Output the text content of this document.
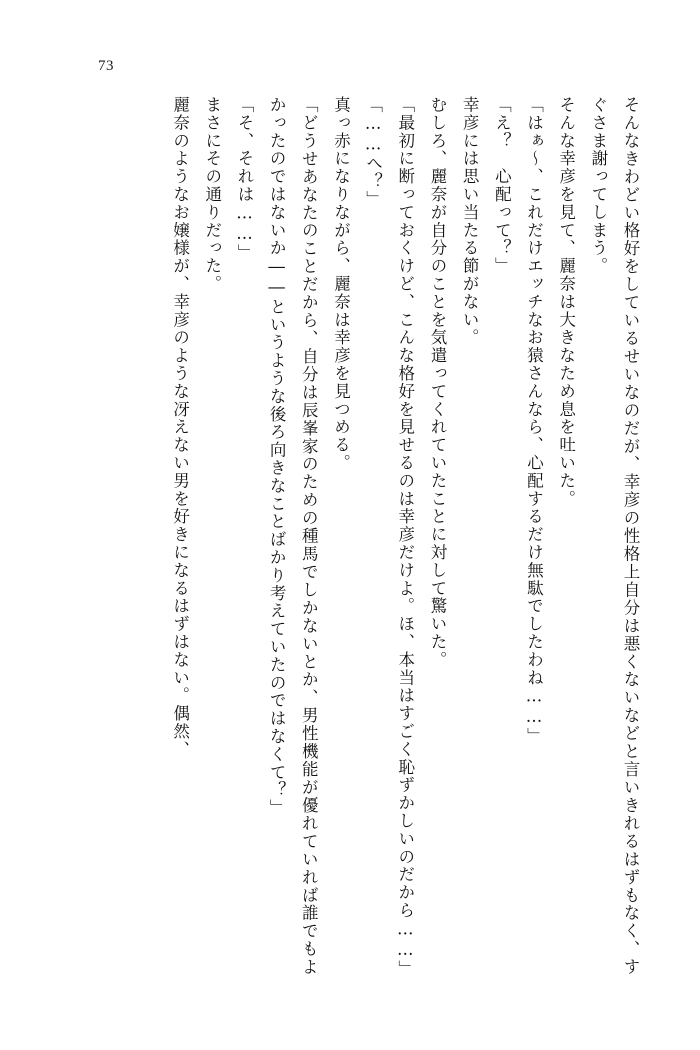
73

そんなきわどい格好をしているせいなのだが、幸彦の性格上自分は悪くないなどと言いきれるはずもなく、すぐさま謝ってしまう。

そんな幸彦を見て、麗奈は大きなため息を吐いた。

「はぁ～、これだけエッチなお猿さんなら、心配するだけ無駄でしたわね……」

「え？　心配って？」

幸彦には思い当たる節がない。

むしろ、麗奈が自分のことを気遣ってくれていたことに対して驚いた。

「最初に断っておくけど、こんな格好を見せるのは幸彦だけよ。ほ、本当はすごく恥ずかしいのだから……」

「……へ？」

真っ赤になりながら、麗奈は幸彦を見つめる。

「どうせあなたのことだから、自分は辰峯家のための種馬でしかないとか、男性機能が優れていれば誰でもよかったのではないか――というような後ろ向きなことばかり考えていたのではなくて？」

「そ、それは……」

まさにその通りだった。

麗奈のようなお嬢様が、幸彦のような冴えない男を好きになるはずはない。偶然、
